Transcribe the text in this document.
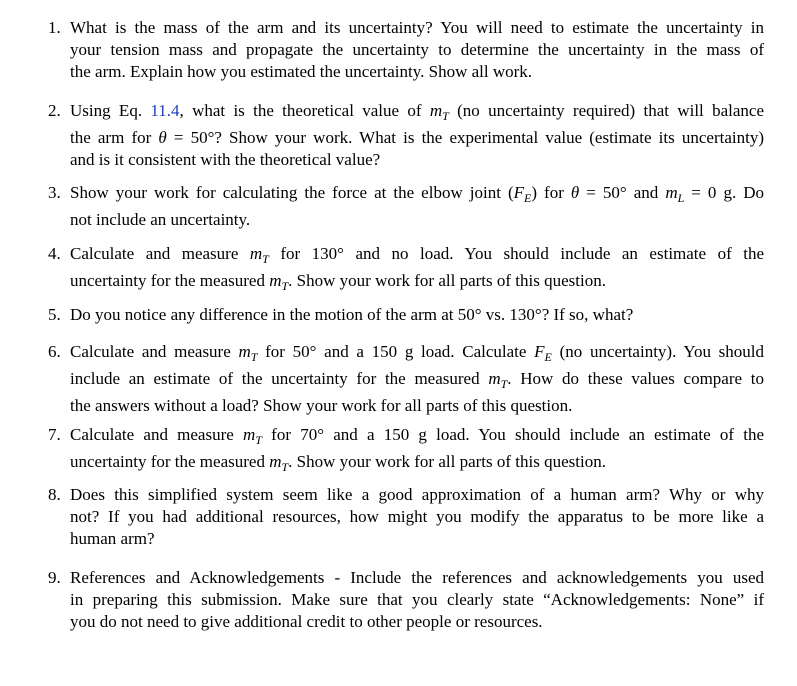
1. What is the mass of the arm and its uncertainty? You will need to estimate the uncertainty in
your tension mass and propagate the uncertainty to determine the uncertainty in the mass of
the arm. Explain how you estimated the uncertainty. Show all work.
2. Using Eq. 11.4, what is the theoretical value of $m_T$ (no uncertainty required) that will balance
the arm for θ = 50°? Show your work. What is the experimental value (estimate its uncertainty)
and is it consistent with the theoretical value?
3. Show your work for calculating the force at the elbow joint $(F_E)$ for θ = 50° and $m_L = 0$ g. Do
not include an uncertainty.
4. Calculate and measure $m_T$ for 130° and no load. You should include an estimate of the
uncertainty for the measured $m_T$. Show your work for all parts of this question.
5. Do you notice any difference in the motion of the arm at 50° vs. 130°? If so, what?
6. Calculate and measure $m_T$ for 50° and a 150 g load. Calculate $F_E$ (no uncertainty). You should
include an estimate of the uncertainty for the measured $m_T$. How do these values compare to
the answers without a load? Show your work for all parts of this question.
7. Calculate and measure $m_T$ for 70° and a 150 g load. You should include an estimate of the
uncertainty for the measured $m_T$. Show your work for all parts of this question.
8. Does this simplified system seem like a good approximation of a human arm? Why or why
not? If you had additional resources, how might you modify the apparatus to be more like a
human arm?
9. References and Acknowledgements - Include the references and acknowledgements you used
in preparing this submission. Make sure that you clearly state “Acknowledgements: None” if
you do not need to give additional credit to other people or resources.
